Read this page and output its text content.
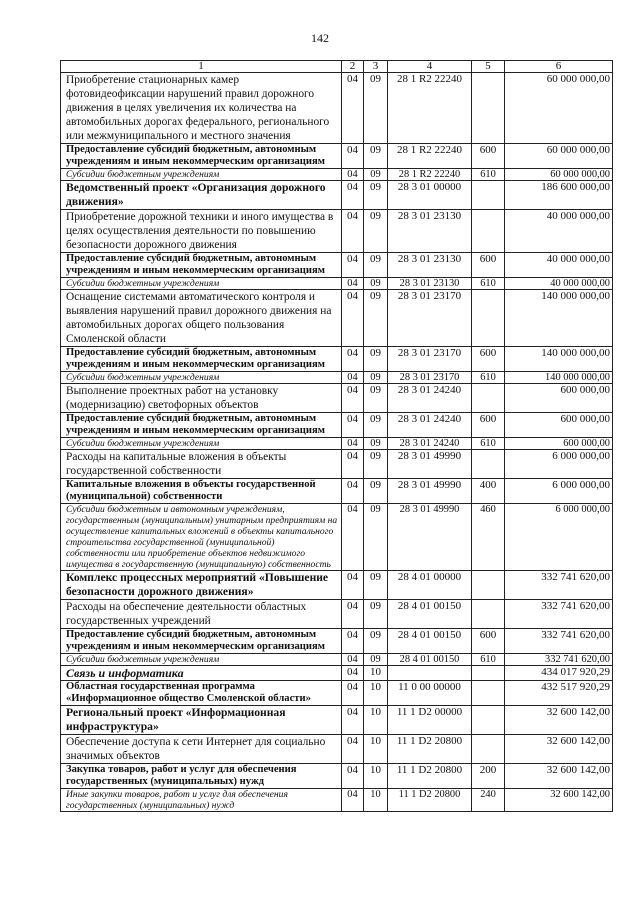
142
1	2	3	4	5	6
Приобретение стационарных камер фотовидеофиксации нарушений правил дорожного движения в целях увеличения их количества на автомобильных дорогах федерального, регионального или межмуниципального и местного значения	04	09	28 1 R2 22240		60 000 000,00
Предоставление субсидий бюджетным, автономным учреждениям и иным некоммерческим организациям	04	09	28 1 R2 22240	600	60 000 000,00
Субсидии бюджетным учреждениям	04	09	28 1 R2 22240	610	60 000 000,00
Ведомственный проект «Организация дорожного движения»	04	09	28 3 01 00000		186 600 000,00
Приобретение дорожной техники и иного имущества в целях осуществления деятельности по повышению безопасности дорожного движения	04	09	28 3 01 23130		40 000 000,00
Предоставление субсидий бюджетным, автономным учреждениям и иным некоммерческим организациям	04	09	28 3 01 23130	600	40 000 000,00
Субсидии бюджетным учреждениям	04	09	28 3 01 23130	610	40 000 000,00
Оснащение системами автоматического контроля и выявления нарушений правил дорожного движения на автомобильных дорогах общего пользования Смоленской области	04	09	28 3 01 23170		140 000 000,00
Предоставление субсидий бюджетным, автономным учреждениям и иным некоммерческим организациям	04	09	28 3 01 23170	600	140 000 000,00
Субсидии бюджетным учреждениям	04	09	28 3 01 23170	610	140 000 000,00
Выполнение проектных работ на установку (модернизацию) светофорных объектов	04	09	28 3 01 24240		600 000,00
Предоставление субсидий бюджетным, автономным учреждениям и иным некоммерческим организациям	04	09	28 3 01 24240	600	600 000,00
Субсидии бюджетным учреждениям	04	09	28 3 01 24240	610	600 000,00
Расходы на капитальные вложения в объекты государственной собственности	04	09	28 3 01 49990		6 000 000,00
Капитальные вложения в объекты государственной (муниципальной) собственности	04	09	28 3 01 49990	400	6 000 000,00
Субсидии бюджетным и автономным учреждениям, государственным (муниципальным) унитарным предприятиям на осуществление капитальных вложений в объекты капитального строительства государственной (муниципальной) собственности или приобретение объектов недвижимого имущества в государственную (муниципальную) собственность	04	09	28 3 01 49990	460	6 000 000,00
Комплекс процессных мероприятий «Повышение безопасности дорожного движения»	04	09	28 4 01 00000		332 741 620,00
Расходы на обеспечение деятельности областных государственных учреждений	04	09	28 4 01 00150		332 741 620,00
Предоставление субсидий бюджетным, автономным учреждениям и иным некоммерческим организациям	04	09	28 4 01 00150	600	332 741 620,00
Субсидии бюджетным учреждениям	04	09	28 4 01 00150	610	332 741 620,00
Связь и информатика	04	10			434 017 920,29
Областная государственная программа «Информационное общество Смоленской области»	04	10	11 0 00 00000		432 517 920,29
Региональный проект «Информационная инфраструктура»	04	10	11 1 D2 00000		32 600 142,00
Обеспечение доступа к сети Интернет для социально значимых объектов	04	10	11 1 D2 20800		32 600 142,00
Закупка товаров, работ и услуг для обеспечения государственных (муниципальных) нужд	04	10	11 1 D2 20800	200	32 600 142,00
Иные закупки товаров, работ и услуг для обеспечения государственных (муниципальных) нужд	04	10	11 1 D2 20800	240	32 600 142,00
